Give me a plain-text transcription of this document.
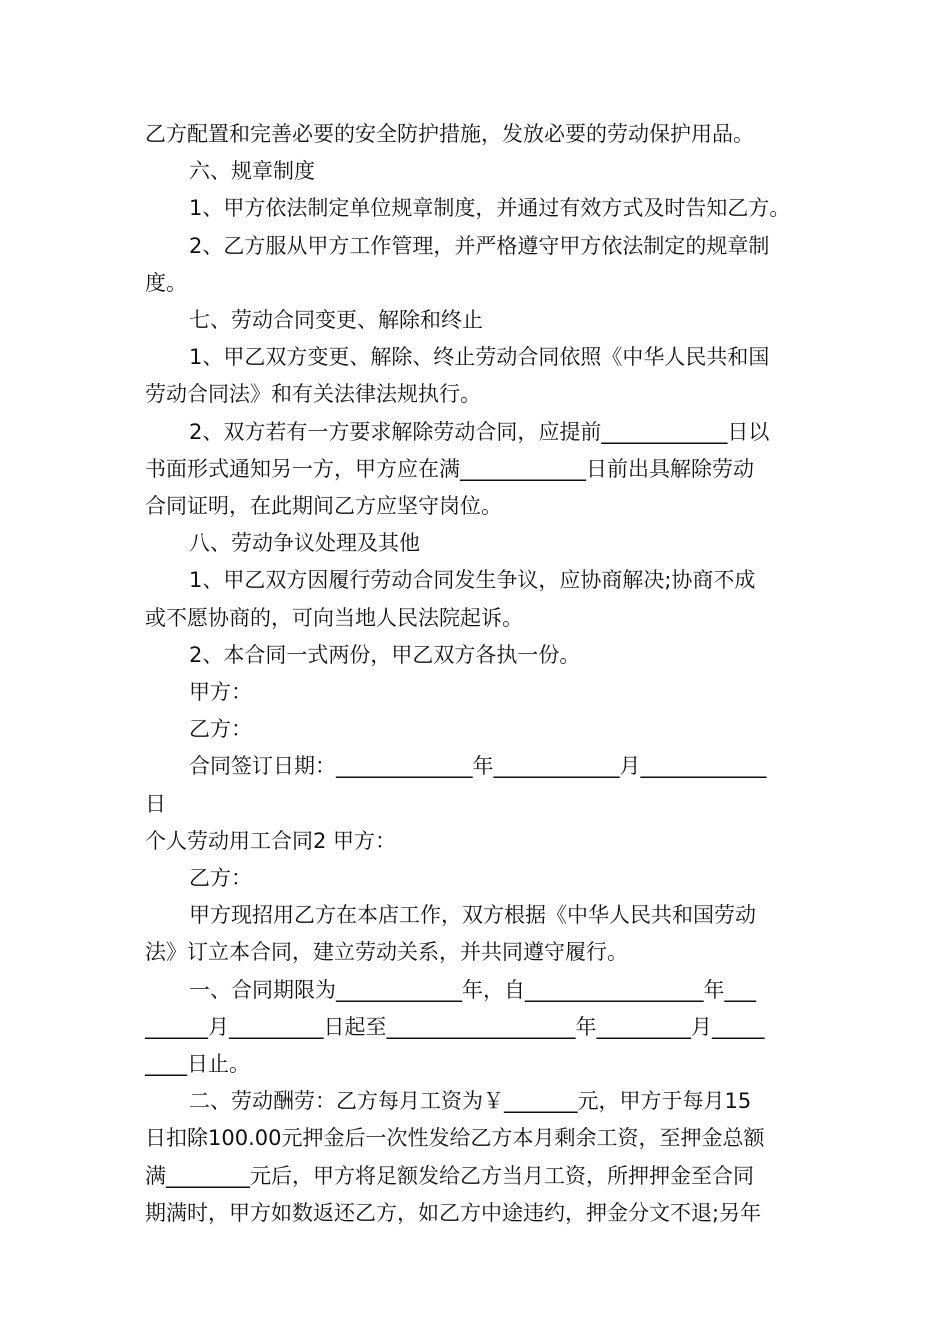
乙方配置和完善必要的安全防护措施，发放必要的劳动保护用品。

六、规章制度

1、甲方依法制定单位规章制度，并通过有效方式及时告知乙方。

2、乙方服从甲方工作管理，并严格遵守甲方依法制定的规章制

度。

七、劳动合同变更、解除和终止

1、甲乙双方变更、解除、终止劳动合同依照《中华人民共和国

劳动合同法》和有关法律法规执行。

2、双方若有一方要求解除劳动合同，应提前____________日以

书面形式通知另一方，甲方应在满____________日前出具解除劳动

合同证明，在此期间乙方应坚守岗位。

八、劳动争议处理及其他

1、甲乙双方因履行劳动合同发生争议，应协商解决;协商不成

或不愿协商的，可向当地人民法院起诉。

2、本合同一式两份，甲乙双方各执一份。

甲方：

乙方：

合同签订日期：_____________年____________月____________

日

个人劳动用工合同2 甲方：

乙方：

甲方现招用乙方在本店工作，双方根据《中华人民共和国劳动

法》订立本合同，建立劳动关系，并共同遵守履行。

一、合同期限为____________年，自_________________年___

______月_________日起至__________________年_________月_____

____日止。

二、劳动酬劳：乙方每月工资为￥_______元，甲方于每月15

日扣除100.00元押金后一次性发给乙方本月剩余工资，至押金总额

满________元后，甲方将足额发给乙方当月工资，所押押金至合同

期满时，甲方如数返还乙方，如乙方中途违约，押金分文不退;另年
